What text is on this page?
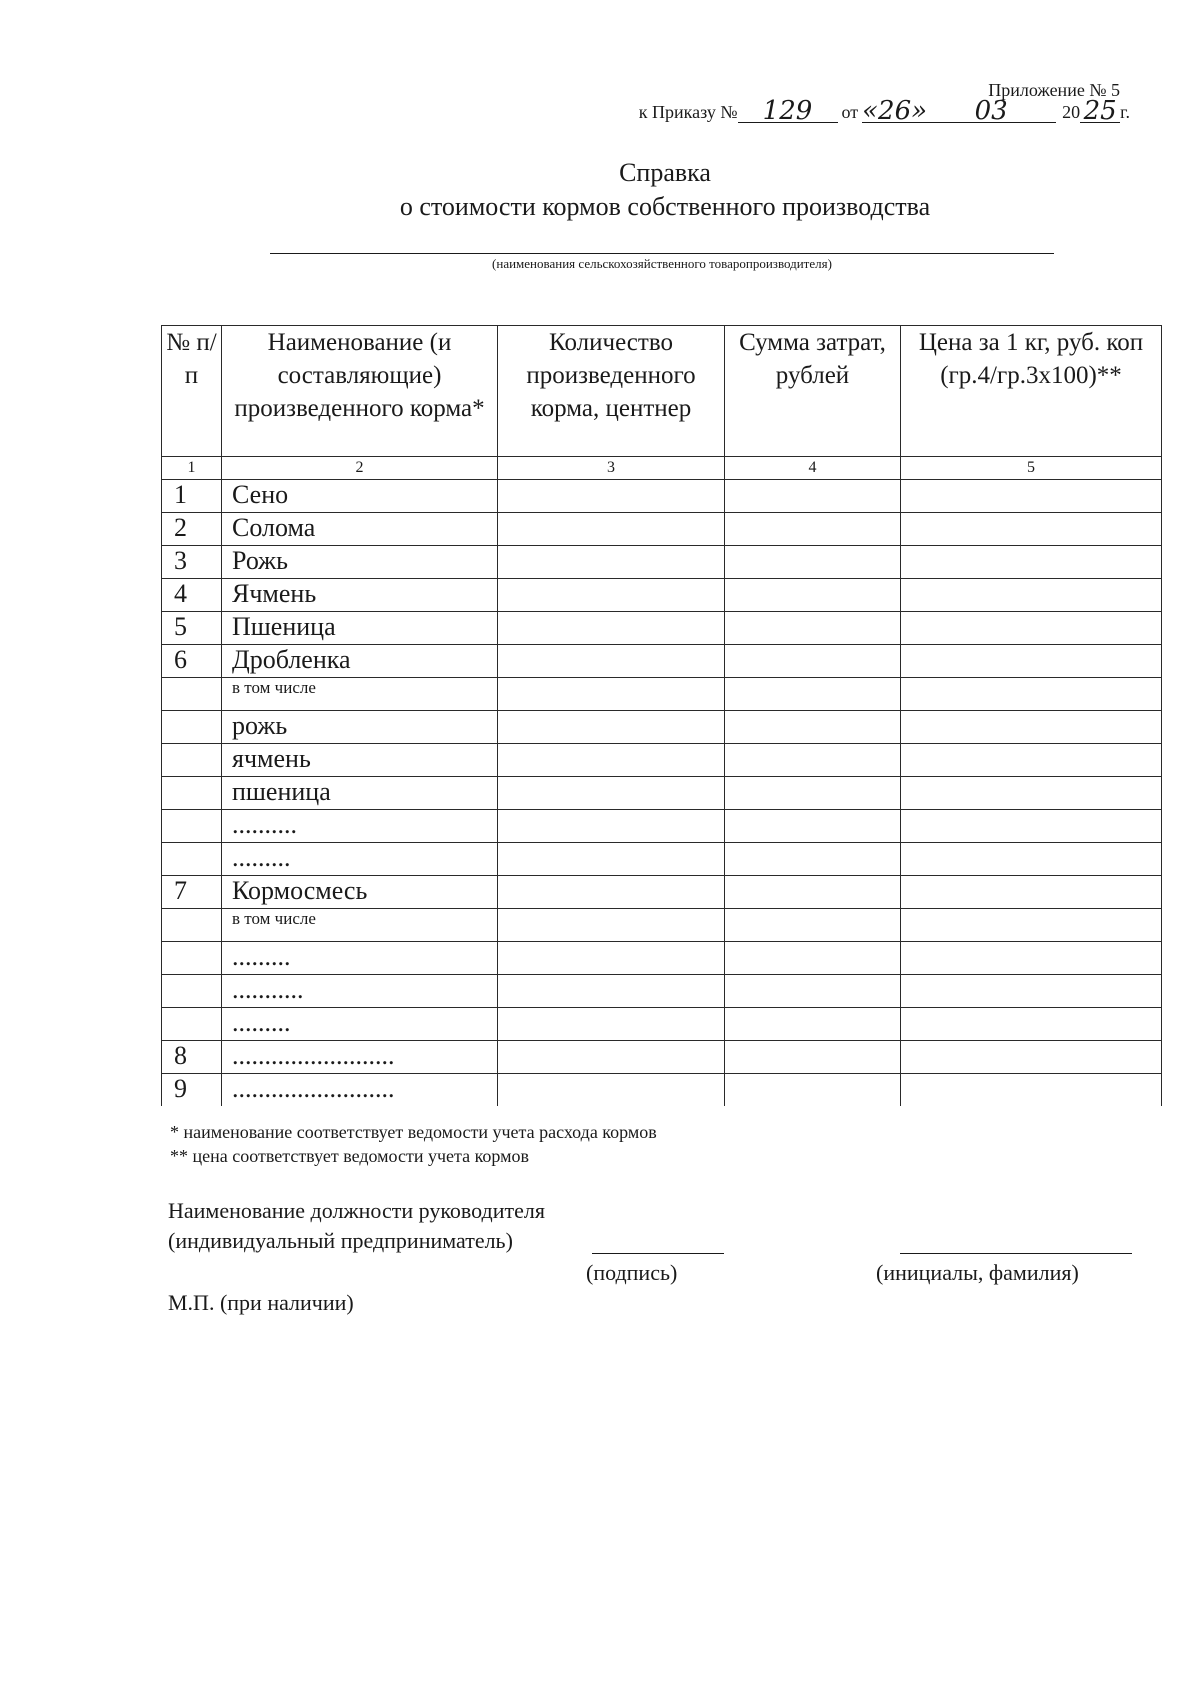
Приложение № 5
к Приказу № 129	от «26»	03	20 25 г.
Справка
о стоимости кормов собственного производства
(наименования сельскохозяйственного товаропроизводителя)
№ п/п	Наименование (и составляющие) произведенного корма*	Количество произведенного корма, центнер	Сумма затрат, рублей	Цена за 1 кг, руб. коп (гр.4/гр.3х100)**
1	2	3	4	5
1	Сено			
2	Солома			
3	Рожь			
4	Ячмень			
5	Пшеница			
6	Дробленка			
	в том числе			
	рожь			
	ячмень			
	пшеница			
	..........			
	.........			
7	Кормосмесь			
	в том числе			
	.........			
	...........			
	.........			
8	.........................			
9	.........................			
* наименование соответствует ведомости учета расхода кормов
** цена соответствует ведомости учета кормов
Наименование должности руководителя
(индивидуальный предприниматель)
(подпись)	(инициалы, фамилия)
М.П. (при наличии)
